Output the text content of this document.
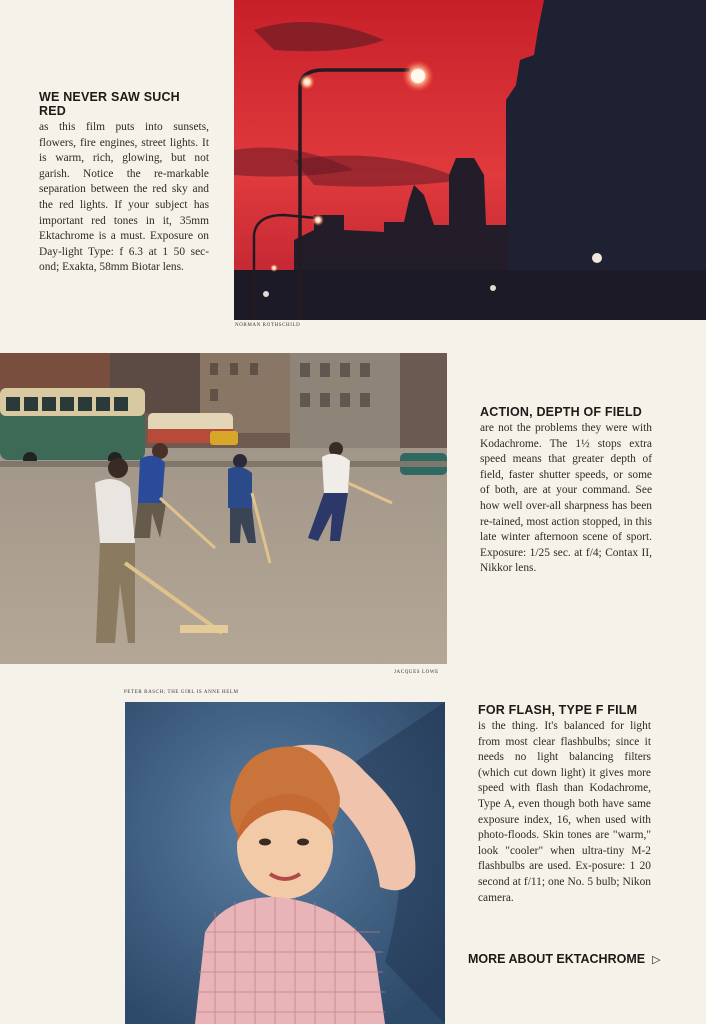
WE NEVER SAW SUCH RED

as this film puts into sunsets, flowers, fire engines, street lights. It is warm, rich, glowing, but not garish. Notice the re-markable separation between the red sky and the red lights. If your subject has important red tones in it, 35mm Ektachrome is a must. Exposure on Day-light Type: f 6.3 at 1 50 sec-ond; Exakta, 58mm Biotar lens.

NORMAN ROTHSCHILD
JACQUES LOWE
ACTION, DEPTH OF FIELD

are not the problems they were with Kodachrome. The 1½ stops extra speed means that greater depth of field, faster shutter speeds, or some of both, are at your command. See how well over-all sharpness has been re-tained, most action stopped, in this late winter afternoon scene of sport. Exposure: 1/25 sec. at f/4; Contax II, Nikkor lens.

PETER BASCH; THE GIRL IS ANNE HELM
FOR FLASH, TYPE F FILM

is the thing. It's balanced for light from most clear flashbulbs; since it needs no light balancing filters (which cut down light) it gives more speed with flash than Kodachrome, Type A, even though both have same exposure index, 16, when used with photo-floods. Skin tones are "warm," look "cooler" when ultra-tiny M-2 flashbulbs are used. Ex-posure: 1 20 second at f/11; one No. 5 bulb; Nikon camera.

MORE ABOUT EKTACHROME ▷
